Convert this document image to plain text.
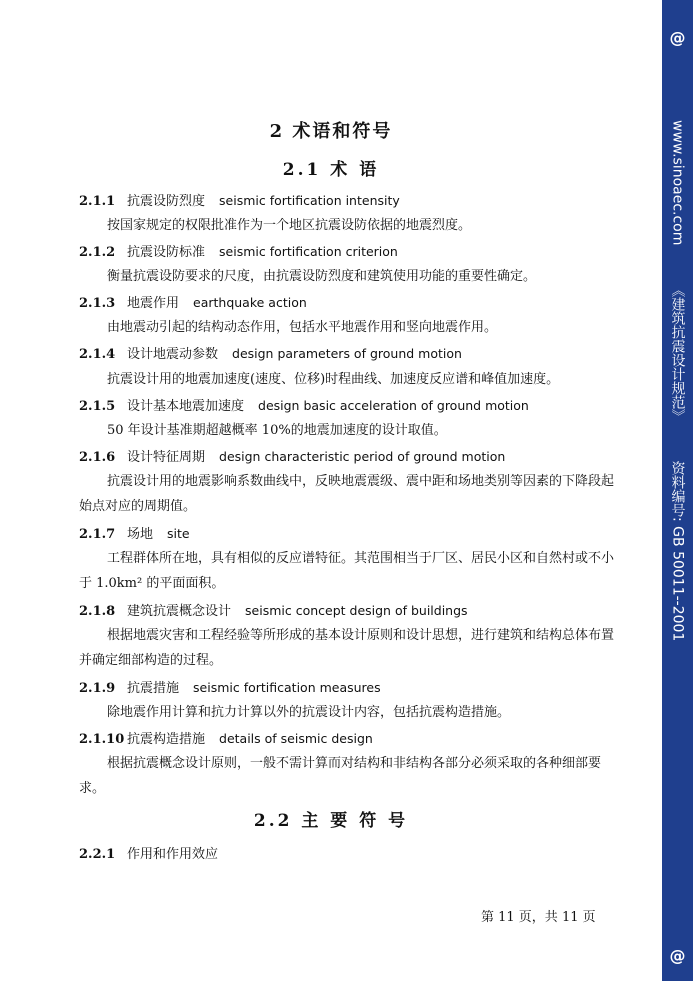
2 术语和符号
2.1 术 语
2.1.1 抗震设防烈度 seismic fortification intensity
按国家规定的权限批准作为一个地区抗震设防依据的地震烈度。
2.1.2 抗震设防标准 seismic fortification criterion
衡量抗震设防要求的尺度，由抗震设防烈度和建筑使用功能的重要性确定。
2.1.3 地震作用 earthquake action
由地震动引起的结构动态作用，包括水平地震作用和竖向地震作用。
2.1.4 设计地震动参数 design parameters of ground motion
抗震设计用的地震加速度(速度、位移)时程曲线、加速度反应谱和峰值加速度。
2.1.5 设计基本地震加速度 design basic acceleration of ground motion
50 年设计基准期超越概率 10%的地震加速度的设计取值。
2.1.6 设计特征周期 design characteristic period of ground motion
抗震设计用的地震影响系数曲线中，反映地震震级、震中距和场地类别等因素的下降段起始点对应的周期值。
2.1.7 场地 site
工程群体所在地，具有相似的反应谱特征。其范围相当于厂区、居民小区和自然村或不小于 1.0km² 的平面面积。
2.1.8 建筑抗震概念设计 seismic concept design of buildings
根据地震灾害和工程经验等所形成的基本设计原则和设计思想，进行建筑和结构总体布置并确定细部构造的过程。
2.1.9 抗震措施 seismic fortification measures
除地震作用计算和抗力计算以外的抗震设计内容，包括抗震构造措施。
2.1.10 抗震构造措施 details of seismic design
根据抗震概念设计原则，一般不需计算而对结构和非结构各部分必须采取的各种细部要求。
2.2 主 要 符 号
2.2.1 作用和作用效应
第 11 页，共 11 页
@
www.sinoaec.com
《建筑抗震设计规范》
资料编号: GB 50011--2001
@
